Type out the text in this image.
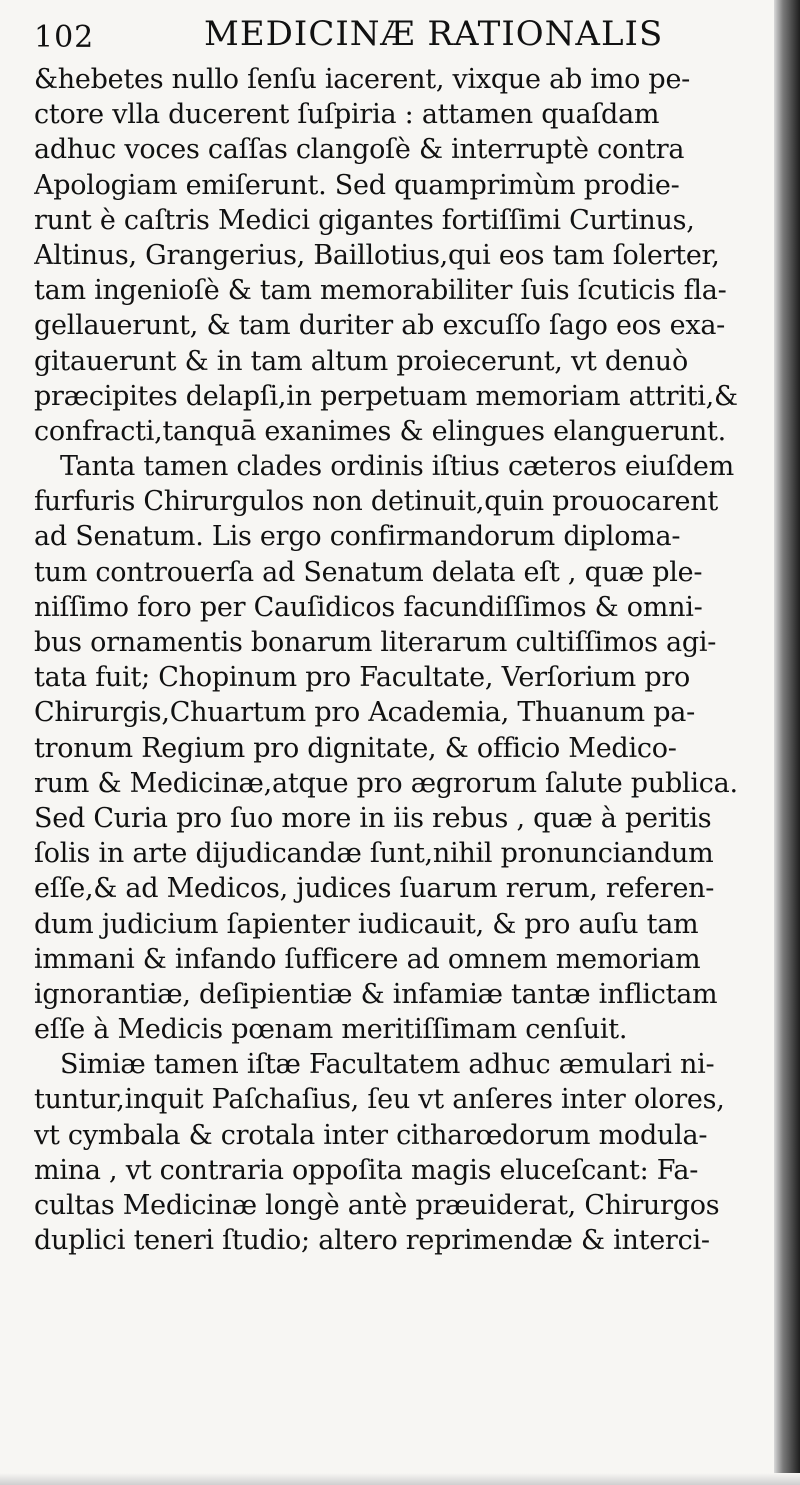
102	MEDICINÆ RATIONALIS
&hebetes nullo ſenſu iacerent, vixque ab imo pe-
ctore vlla ducerent ſuſpiria : attamen quaſdam
adhuc voces caſſas clangoſè & interruptè contra
Apologiam emiſerunt. Sed quamprimùm prodie-
runt è caſtris Medici gigantes fortiſſimi Curtinus,
Altinus, Grangerius, Baillotius,qui eos tam ſolerter,
tam ingenioſè & tam memorabiliter ſuis ſcuticis fla-
gellauerunt, & tam duriter ab excuſſo ſago eos exa-
gitauerunt & in tam altum proiecerunt, vt denuò
præcipites delapſi,in perpetuam memoriam attriti,&
confracti,tanquā exanimes & elingues elanguerunt.
Tanta tamen clades ordinis iſtius cæteros eiuſdem
furfuris Chirurgulos non detinuit,quin prouocarent
ad Senatum. Lis ergo confirmandorum diploma-
tum controuerſa ad Senatum delata eſt , quæ ple-
niſſimo foro per Cauſidicos facundiſſimos & omni-
bus ornamentis bonarum literarum cultiſſimos agi-
tata fuit; Chopinum pro Facultate, Verſorium pro
Chirurgis,Chuartum pro Academia, Thuanum pa-
tronum Regium pro dignitate, & officio Medico-
rum & Medicinæ,atque pro ægrorum ſalute publica.
Sed Curia pro ſuo more in iis rebus , quæ à peritis
ſolis in arte dijudicandæ ſunt,nihil pronunciandum
eſſe,& ad Medicos, judices ſuarum rerum, referen-
dum judicium ſapienter iudicauit, & pro auſu tam
immani & infando ſufficere ad omnem memoriam
ignorantiæ, deſipientiæ & infamiæ tantæ inflictam
eſſe à Medicis pœnam meritiſſimam cenſuit.
Simiæ tamen iſtæ Facultatem adhuc æmulari ni-
tuntur,inquit Paſchaſius, ſeu vt anſeres inter olores,
vt cymbala & crotala inter citharœdorum modula-
mina , vt contraria oppoſita magis eluceſcant: Fa-
cultas Medicinæ longè antè præuiderat, Chirurgos
duplici teneri ſtudio; altero reprimendæ & interci-
